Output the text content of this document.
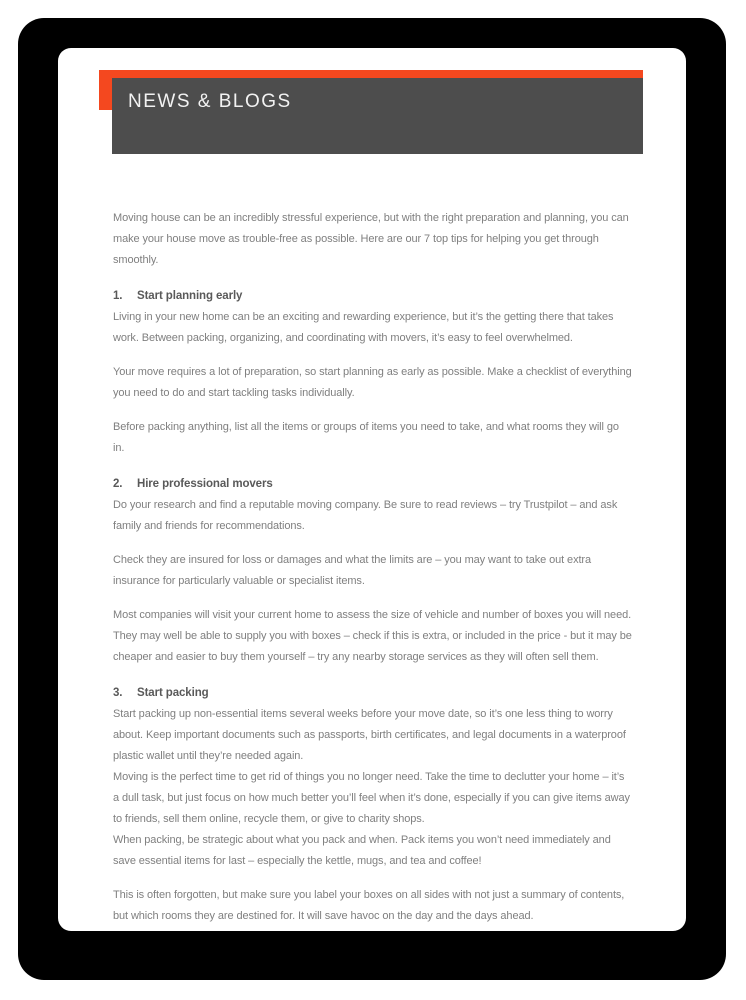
NEWS & BLOGS

Moving house can be an incredibly stressful experience, but with the right preparation and planning, you can make your house move as trouble-free as possible. Here are our 7 top tips for helping you get through smoothly.

1. Start planning early

Living in your new home can be an exciting and rewarding experience, but it’s the getting there that takes work. Between packing, organizing, and coordinating with movers, it’s easy to feel overwhelmed.

Your move requires a lot of preparation, so start planning as early as possible. Make a checklist of everything you need to do and start tackling tasks individually.

Before packing anything, list all the items or groups of items you need to take, and what rooms they will go in.

2. Hire professional movers

Do your research and find a reputable moving company. Be sure to read reviews – try Trustpilot – and ask family and friends for recommendations.

Check they are insured for loss or damages and what the limits are – you may want to take out extra insurance for particularly valuable or specialist items.

Most companies will visit your current home to assess the size of vehicle and number of boxes you will need. They may well be able to supply you with boxes – check if this is extra, or included in the price - but it may be cheaper and easier to buy them yourself – try any nearby storage services as they will often sell them.

3. Start packing

Start packing up non-essential items several weeks before your move date, so it’s one less thing to worry about. Keep important documents such as passports, birth certificates, and legal documents in a waterproof plastic wallet until they’re needed again.

Moving is the perfect time to get rid of things you no longer need. Take the time to declutter your home – it’s a dull task, but just focus on how much better you’ll feel when it’s done, especially if you can give items away to friends, sell them online, recycle them, or give to charity shops.

When packing, be strategic about what you pack and when. Pack items you won’t need immediately and save essential items for last – especially the kettle, mugs, and tea and coffee!

This is often forgotten, but make sure you label your boxes on all sides with not just a summary of contents, but which rooms they are destined for. It will save havoc on the day and the days ahead.
